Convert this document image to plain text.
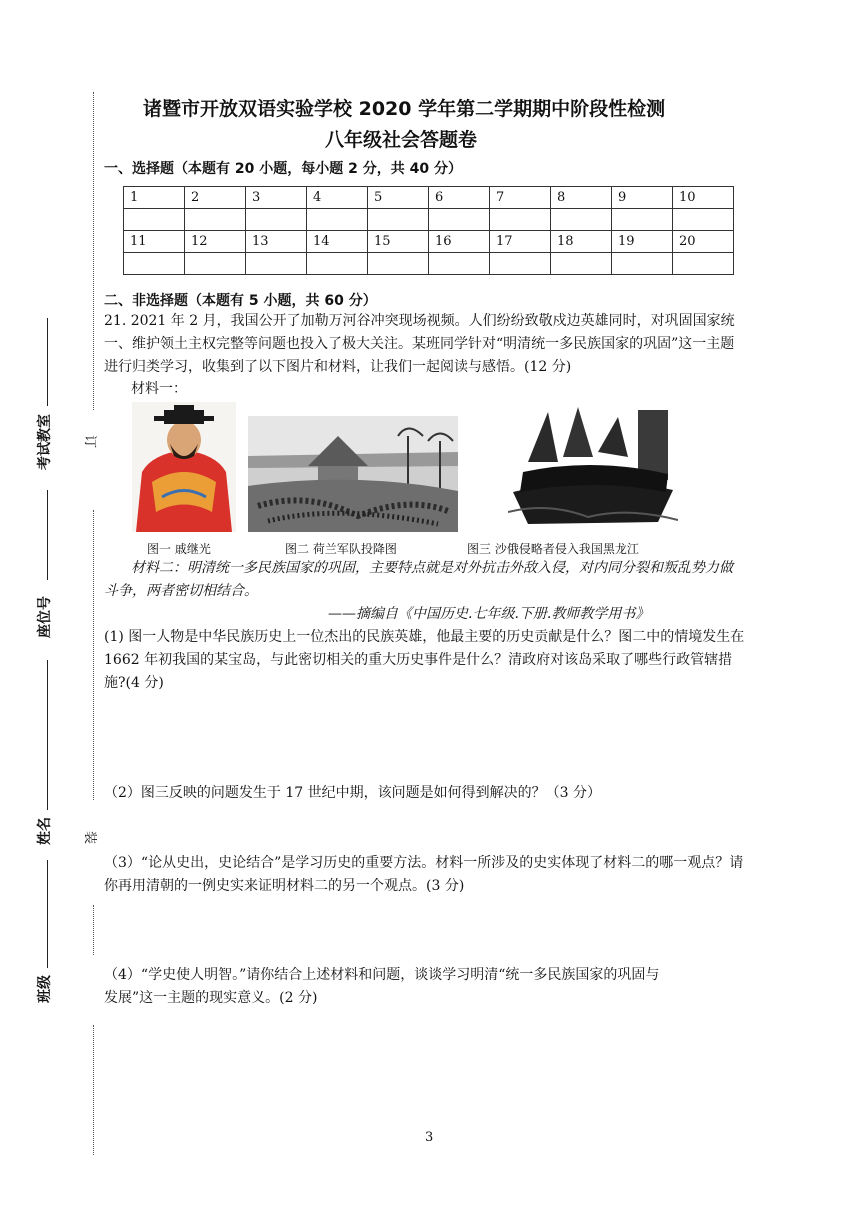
订
装
考试教室
座位号
姓名
班级
诸暨市开放双语实验学校 2020 学年第二学期期中阶段性检测
八年级社会答题卷
一、选择题（本题有 20 小题，每小题 2 分，共 40 分）
1	2	3	4	5	6	7	8	9	10

11	12	13	14	15	16	17	18	19	20

二、非选择题（本题有 5 小题，共 60 分）
21. 2021 年 2 月，我国公开了加勒万河谷冲突现场视频。人们纷纷致敬戍边英雄同时，对巩固国家统一、维护领土主权完整等问题也投入了极大关注。某班同学针对“明清统一多民族国家的巩固”这一主题进行归类学习，收集到了以下图片和材料，让我们一起阅读与感悟。(12 分)
材料一：
图一 戚继光	图二 荷兰军队投降图	图三 沙俄侵略者侵入我国黑龙江
材料二：明清统一多民族国家的巩固，主要特点就是对外抗击外敌入侵，对内同分裂和叛乱势力做斗争，两者密切相结合。
——摘编自《中国历史.七年级.下册.教师教学用书》
(1) 图一人物是中华民族历史上一位杰出的民族英雄，他最主要的历史贡献是什么？图二中的情境发生在 1662 年初我国的某宝岛，与此密切相关的重大历史事件是什么？清政府对该岛采取了哪些行政管辖措施?(4 分)
（2）图三反映的问题发生于 17 世纪中期，该问题是如何得到解决的？（3 分）
（3）“论从史出，史论结合”是学习历史的重要方法。材料一所涉及的史实体现了材料二的哪一观点？请你再用清朝的一例史实来证明材料二的另一个观点。(3 分)
（4）“学史使人明智。”请你结合上述材料和问题，谈谈学习明清“统一多民族国家的巩固与
发展”这一主题的现实意义。(2 分)
3
